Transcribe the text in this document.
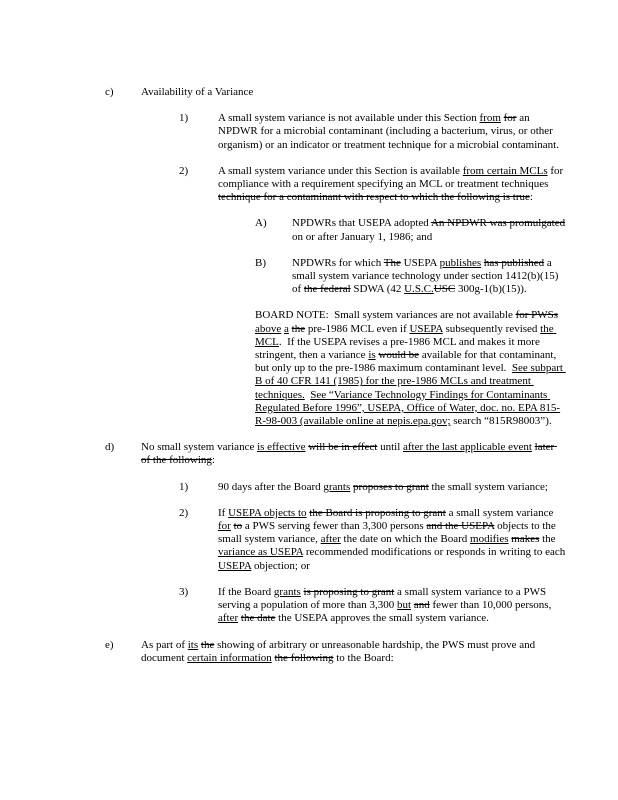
c)	Availability of a Variance
1)	A small system variance is not available under this Section from for an NPDWR for a microbial contaminant (including a bacterium, virus, or other organism) or an indicator or treatment technique for a microbial contaminant.
2)	A small system variance under this Section is available from certain MCLs for compliance with a requirement specifying an MCL or treatment techniques technique for a contaminant with respect to which the following is true:
A)	NPDWRs that USEPA adopted An NPDWR was promulgated on or after January 1, 1986; and
B)	NPDWRs for which The USEPA publishes has published a small system variance technology under section 1412(b)(15) of the federal SDWA (42 U.S.C.USC 300g-1(b)(15)).
BOARD NOTE:  Small system variances are not available for PWSs above a the pre-1986 MCL even if USEPA subsequently revised the MCL.  If the USEPA revises a pre-1986 MCL and makes it more stringent, then a variance is would be available for that contaminant, but only up to the pre-1986 maximum contaminant level.  See subpart B of 40 CFR 141 (1985) for the pre-1986 MCLs and treatment techniques. See “Variance Technology Findings for Contaminants Regulated Before 1996”, USEPA, Office of Water, doc. no. EPA 815-R-98-003 (available online at nepis.epa.gov; search “815R98003”).
d)	No small system variance is effective will be in effect until after the last applicable event later of the following:
1)	90 days after the Board grants proposes to grant the small system variance;
2)	If USEPA objects to the Board is proposing to grant a small system variance for to a PWS serving fewer than 3,300 persons and the USEPA objects to the small system variance, after the date on which the Board modifies makes the variance as USEPA recommended modifications or responds in writing to each USEPA objection; or
3)	If the Board grants is proposing to grant a small system variance to a PWS serving a population of more than 3,300 but and fewer than 10,000 persons, after the date the USEPA approves the small system variance.
e)	As part of its the showing of arbitrary or unreasonable hardship, the PWS must prove and document certain information the following to the Board:
